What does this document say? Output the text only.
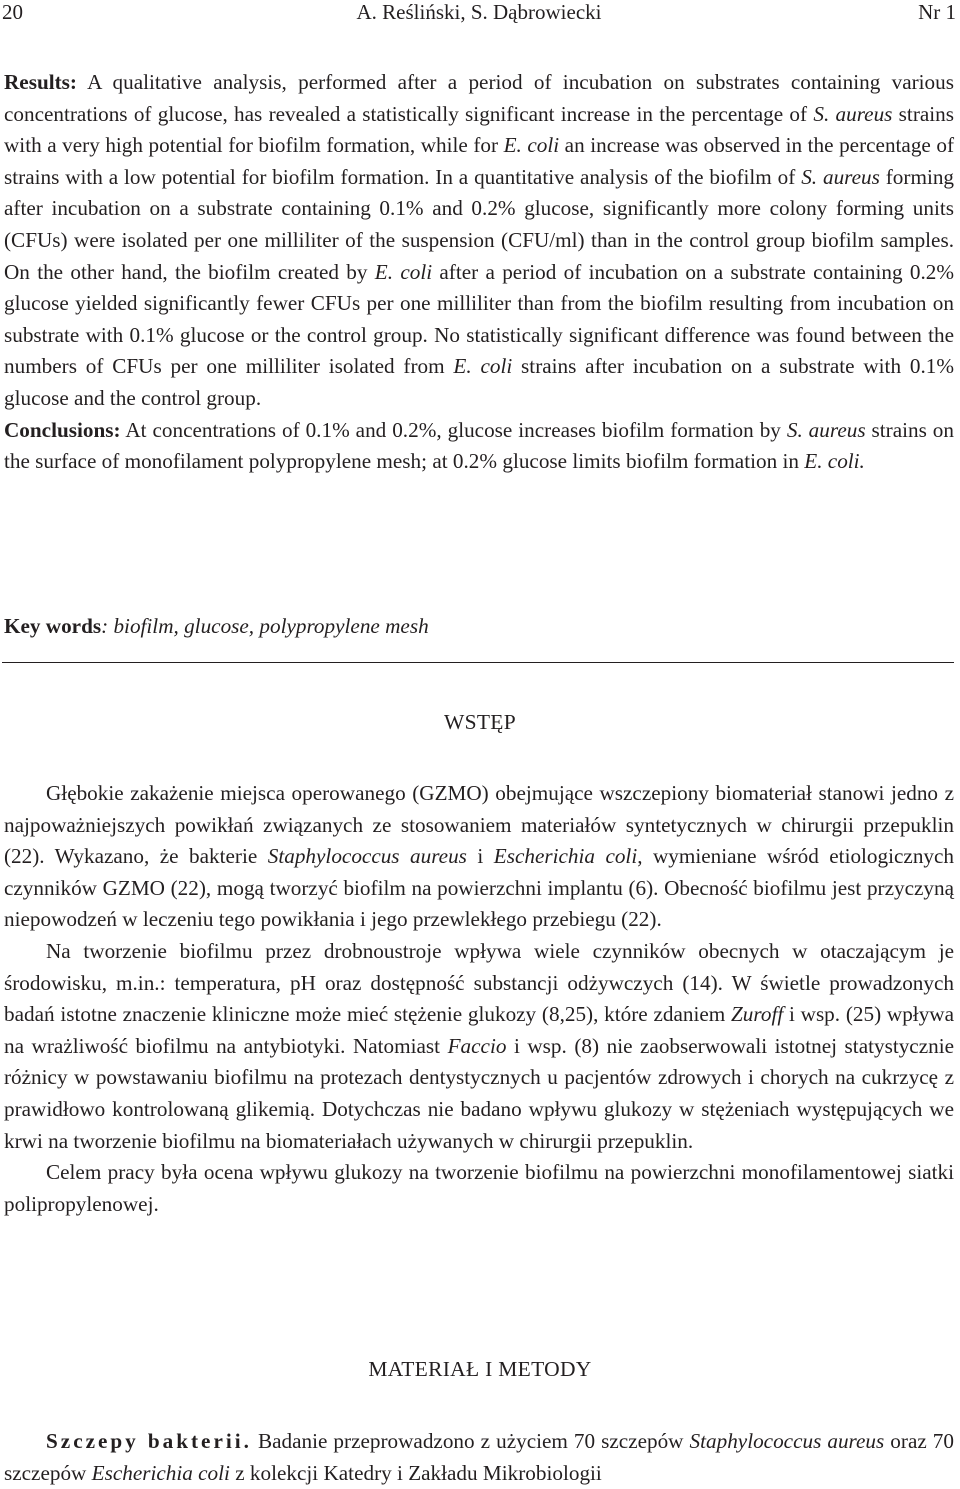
20	A. Reśliński, S. Dąbrowiecki	Nr 1

Results: A qualitative analysis, performed after a period of incubation on substrates containing various concentrations of glucose, has revealed a statistically significant increase in the percentage of S. aureus strains with a very high potential for biofilm formation, while for E. coli an increase was observed in the percentage of strains with a low potential for biofilm formation. In a quantitative analysis of the biofilm of S. aureus forming after incubation on a substrate containing 0.1% and 0.2% glucose, significantly more colony forming units (CFUs) were isolated per one milliliter of the suspension (CFU/ml) than in the control group biofilm samples. On the other hand, the biofilm created by E. coli after a period of incubation on a substrate containing 0.2% glucose yielded significantly fewer CFUs per one milliliter than from the biofilm resulting from incubation on substrate with 0.1% glucose or the control group. No statistically significant difference was found between the numbers of CFUs per one milliliter isolated from E. coli strains after incubation on a substrate with 0.1% glucose and the control group.

Conclusions: At concentrations of 0.1% and 0.2%, glucose increases biofilm formation by S. aureus strains on the surface of monofilament polypropylene mesh; at 0.2% glucose limits biofilm formation in E. coli.

Key words: biofilm, glucose, polypropylene mesh

WSTĘP

Głębokie zakażenie miejsca operowanego (GZMO) obejmujące wszczepiony biomateriał stanowi jedno z najpoważniejszych powikłań związanych ze stosowaniem materiałów syntetycznych w chirurgii przepuklin (22). Wykazano, że bakterie Staphylococcus aureus i Escherichia coli, wymieniane wśród etiologicznych czynników GZMO (22), mogą tworzyć biofilm na powierzchni implantu (6). Obecność biofilmu jest przyczyną niepowodzeń w leczeniu tego powikłania i jego przewlekłego przebiegu (22).

Na tworzenie biofilmu przez drobnoustroje wpływa wiele czynników obecnych w otaczającym je środowisku, m.in.: temperatura, pH oraz dostępność substancji odżywczych (14). W świetle prowadzonych badań istotne znaczenie kliniczne może mieć stężenie glukozy (8,25), które zdaniem Zuroff i wsp. (25) wpływa na wrażliwość biofilmu na antybiotyki. Natomiast Faccio i wsp. (8) nie zaobserwowali istotnej statystycznie różnicy w powstawaniu biofilmu na protezach dentystycznych u pacjentów zdrowych i chorych na cukrzycę z prawidłowo kontrolowaną glikemią. Dotychczas nie badano wpływu glukozy w stężeniach występujących we krwi na tworzenie biofilmu na biomateriałach używanych w chirurgii przepuklin.

Celem pracy była ocena wpływu glukozy na tworzenie biofilmu na powierzchni monofilamentowej siatki polipropylenowej.

MATERIAŁ I METODY

Szczepy bakterii. Badanie przeprowadzono z użyciem 70 szczepów Staphylococcus aureus oraz 70 szczepów Escherichia coli z kolekcji Katedry i Zakładu Mikrobiologii
